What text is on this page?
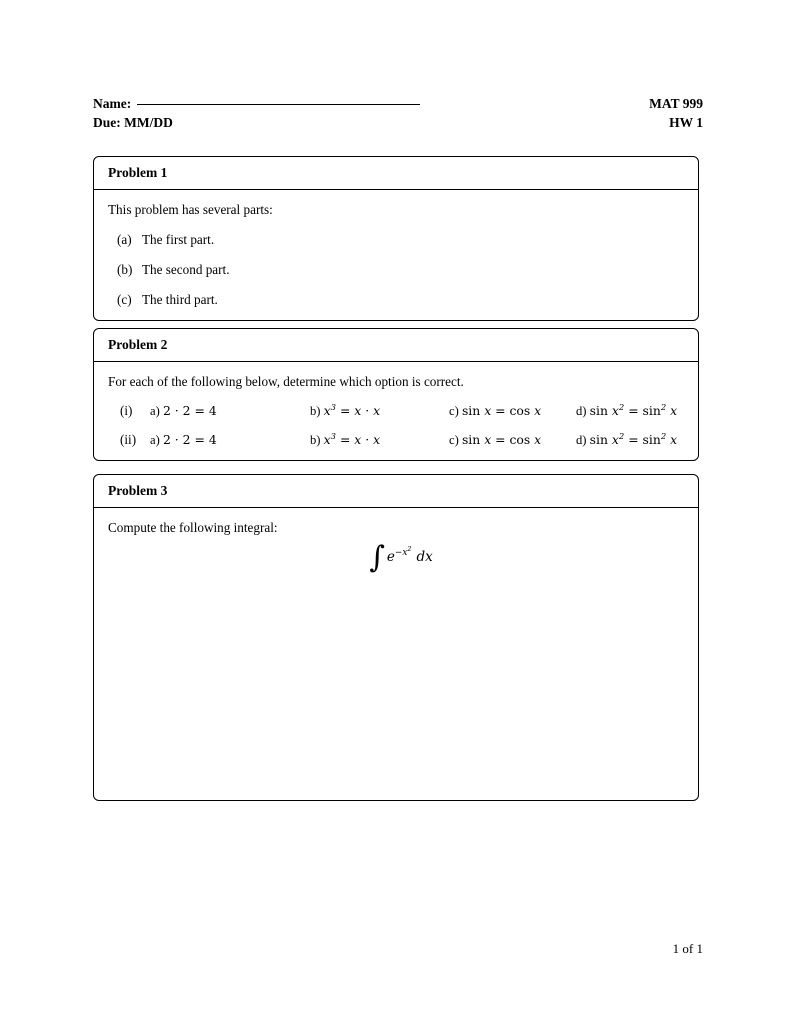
Name:
Due: MM/DD
MAT 999
HW 1
Problem 1

This problem has several parts:

(a) The first part.
(b) The second part.
(c) The third part.
Problem 2

For each of the following below, determine which option is correct.

(i)	a) 2 · 2 = 4	b) $x^3 = x \cdot x$	c) sin x = cos x	d) $\sin x^2 = \sin^2 x$
(ii)	a) 2 · 2 = 4	b) $x^3 = x \cdot x$	c) sin x = cos x	d) $\sin x^2 = \sin^2 x$
Problem 3

Compute the following integral:

∫ $e^{-x^2}$ dx
1 of 1
